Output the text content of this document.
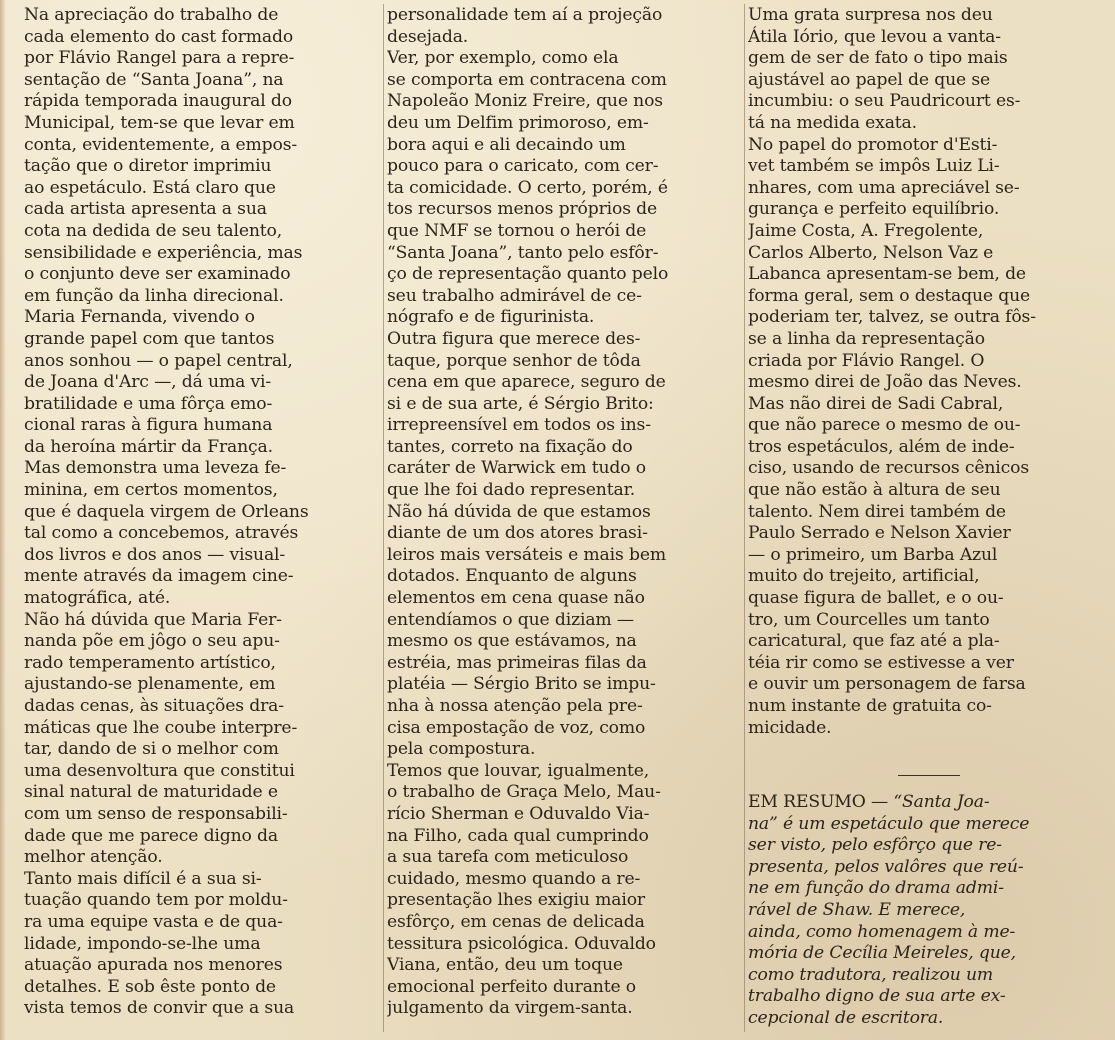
Na apreciação do trabalho de
cada elemento do cast formado
por Flávio Rangel para a repre-
sentação de “Santa Joana”, na
rápida temporada inaugural do
Municipal, tem-se que levar em
conta, evidentemente, a empos-
tação que o diretor imprimiu
ao espetáculo. Está claro que
cada artista apresenta a sua
cota na dedida de seu talento,
sensibilidade e experiência, mas
o conjunto deve ser examinado
em função da linha direcional.
Maria Fernanda, vivendo o
grande papel com que tantos
anos sonhou — o papel central,
de Joana d'Arc —, dá uma vi-
bratilidade e uma fôrça emo-
cional raras à figura humana
da heroína mártir da França.
Mas demonstra uma leveza fe-
minina, em certos momentos,
que é daquela virgem de Orleans
tal como a concebemos, através
dos livros e dos anos — visual-
mente através da imagem cine-
matográfica, até.
Não há dúvida que Maria Fer-
nanda põe em jôgo o seu apu-
rado temperamento artístico,
ajustando-se plenamente, em
dadas cenas, às situações dra-
máticas que lhe coube interpre-
tar, dando de si o melhor com
uma desenvoltura que constitui
sinal natural de maturidade e
com um senso de responsabili-
dade que me parece digno da
melhor atenção.
Tanto mais difícil é a sua si-
tuação quando tem por moldu-
ra uma equipe vasta e de qua-
lidade, impondo-se-lhe uma
atuação apurada nos menores
detalhes. E sob êste ponto de
vista temos de convir que a sua
personalidade tem aí a projeção
desejada.
Ver, por exemplo, como ela
se comporta em contracena com
Napoleão Moniz Freire, que nos
deu um Delfim primoroso, em-
bora aqui e ali decaindo um
pouco para o caricato, com cer-
ta comicidade. O certo, porém, é
tos recursos menos próprios de
que NMF se tornou o herói de
“Santa Joana”, tanto pelo esfôr-
ço de representação quanto pelo
seu trabalho admirável de ce-
nógrafo e de figurinista.
Outra figura que merece des-
taque, porque senhor de tôda
cena em que aparece, seguro de
si e de sua arte, é Sérgio Brito:
irrepreensível em todos os ins-
tantes, correto na fixação do
caráter de Warwick em tudo o
que lhe foi dado representar.
Não há dúvida de que estamos
diante de um dos atores brasi-
leiros mais versáteis e mais bem
dotados. Enquanto de alguns
elementos em cena quase não
entendíamos o que diziam —
mesmo os que estávamos, na
estréia, mas primeiras filas da
platéia — Sérgio Brito se impu-
nha à nossa atenção pela pre-
cisa empostação de voz, como
pela compostura.
Temos que louvar, igualmente,
o trabalho de Graça Melo, Mau-
rício Sherman e Oduvaldo Via-
na Filho, cada qual cumprindo
a sua tarefa com meticuloso
cuidado, mesmo quando a re-
presentação lhes exigiu maior
esfôrço, em cenas de delicada
tessitura psicológica. Oduvaldo
Viana, então, deu um toque
emocional perfeito durante o
julgamento da virgem-santa.
Uma grata surpresa nos deu
Átila Iório, que levou a vanta-
gem de ser de fato o tipo mais
ajustável ao papel de que se
incumbiu: o seu Paudricourt es-
tá na medida exata.
No papel do promotor d'Esti-
vet também se impôs Luiz Li-
nhares, com uma apreciável se-
gurança e perfeito equilíbrio.
Jaime Costa, A. Fregolente,
Carlos Alberto, Nelson Vaz e
Labanca apresentam-se bem, de
forma geral, sem o destaque que
poderiam ter, talvez, se outra fôs-
se a linha da representação
criada por Flávio Rangel. O
mesmo direi de João das Neves.
Mas não direi de Sadi Cabral,
que não parece o mesmo de ou-
tros espetáculos, além de inde-
ciso, usando de recursos cênicos
que não estão à altura de seu
talento. Nem direi também de
Paulo Serrado e Nelson Xavier
— o primeiro, um Barba Azul
muito do trejeito, artificial,
quase figura de ballet, e o ou-
tro, um Courcelles um tanto
caricatural, que faz até a pla-
téia rir como se estivesse a ver
e ouvir um personagem de farsa
num instante de gratuita co-
micidade.
EM RESUMO — “Santa Joa-
na” é um espetáculo que merece
ser visto, pelo esfôrço que re-
presenta, pelos valôres que reú-
ne em função do drama admi-
rável de Shaw. E merece,
ainda, como homenagem à me-
mória de Cecília Meireles, que,
como tradutora, realizou um
trabalho digno de sua arte ex-
cepcional de escritora.
